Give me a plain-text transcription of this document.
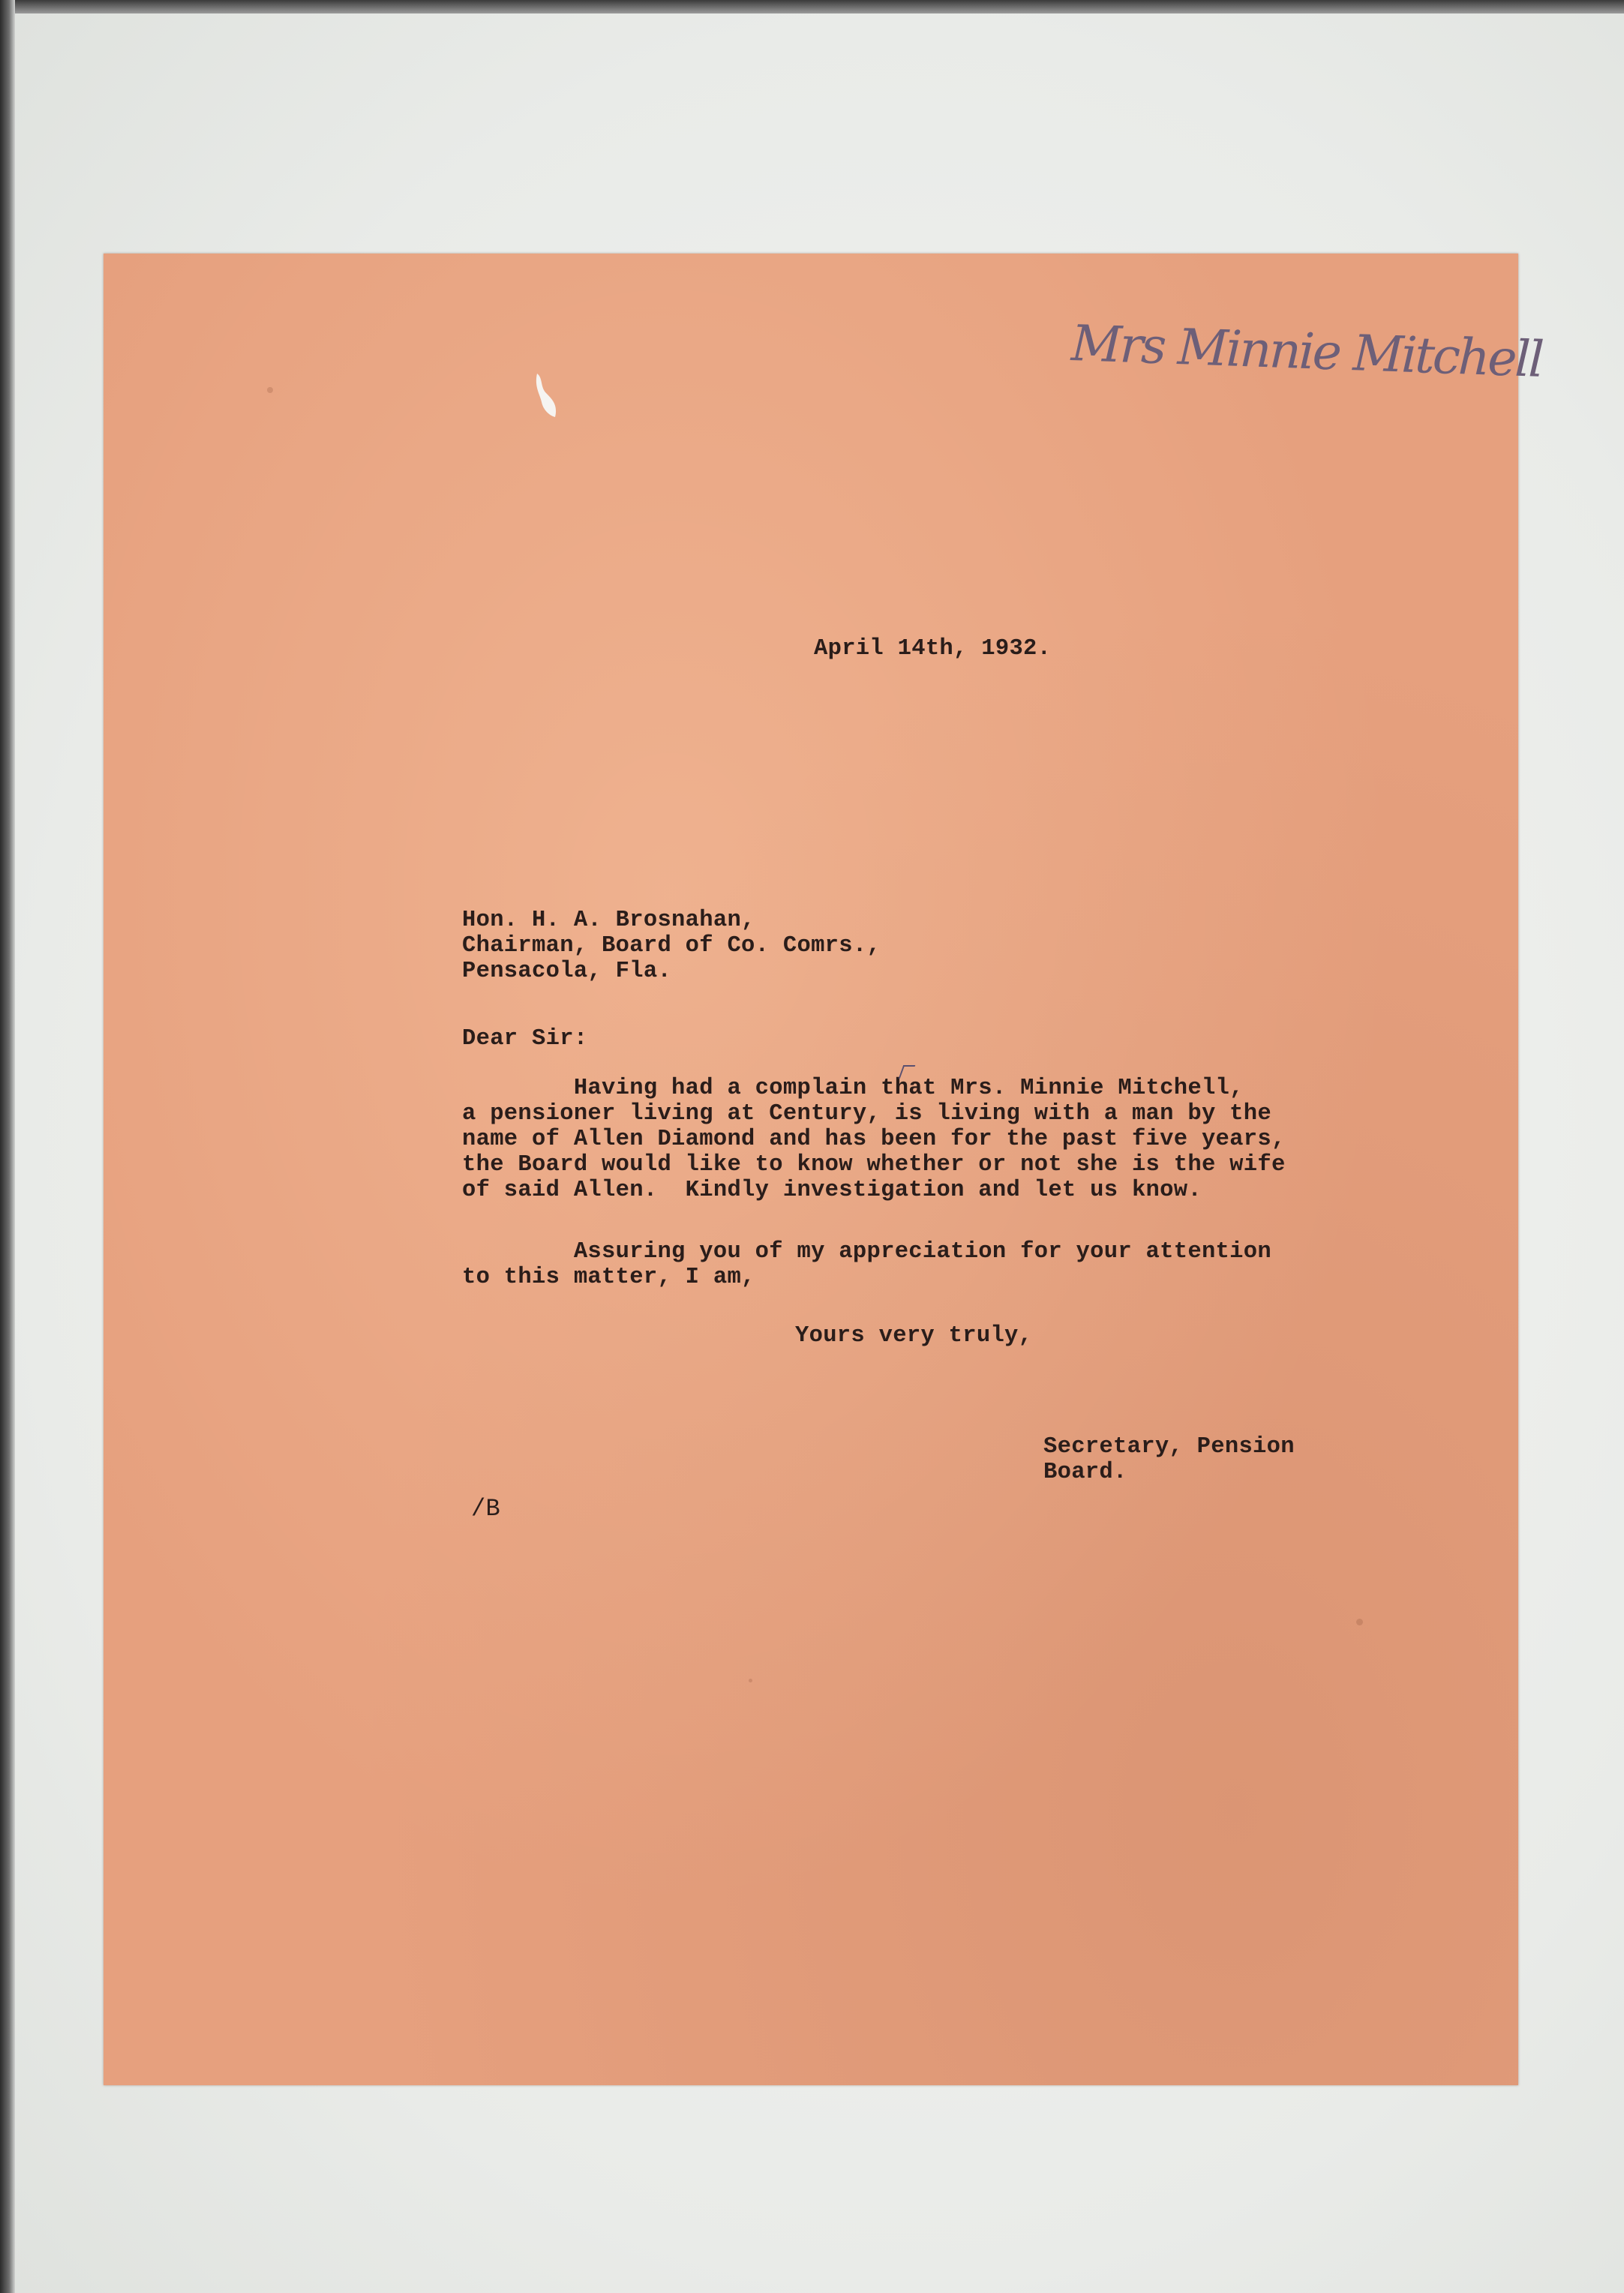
Mrs Minnie Mitchell
April 14th, 1932.
Hon. H. A. Brosnahan,
Chairman, Board of Co. Comrs.,
Pensacola, Fla.
Dear Sir:
Having had a complain that Mrs. Minnie Mitchell,
a pensioner living at Century, is living with a man by the
name of Allen Diamond and has been for the past five years,
the Board would like to know whether or not she is the wife
of said Allen.  Kindly investigation and let us know.
Assuring you of my appreciation for your attention
to this matter, I am,
Yours very truly,
Secretary, Pension
Board.
/B
